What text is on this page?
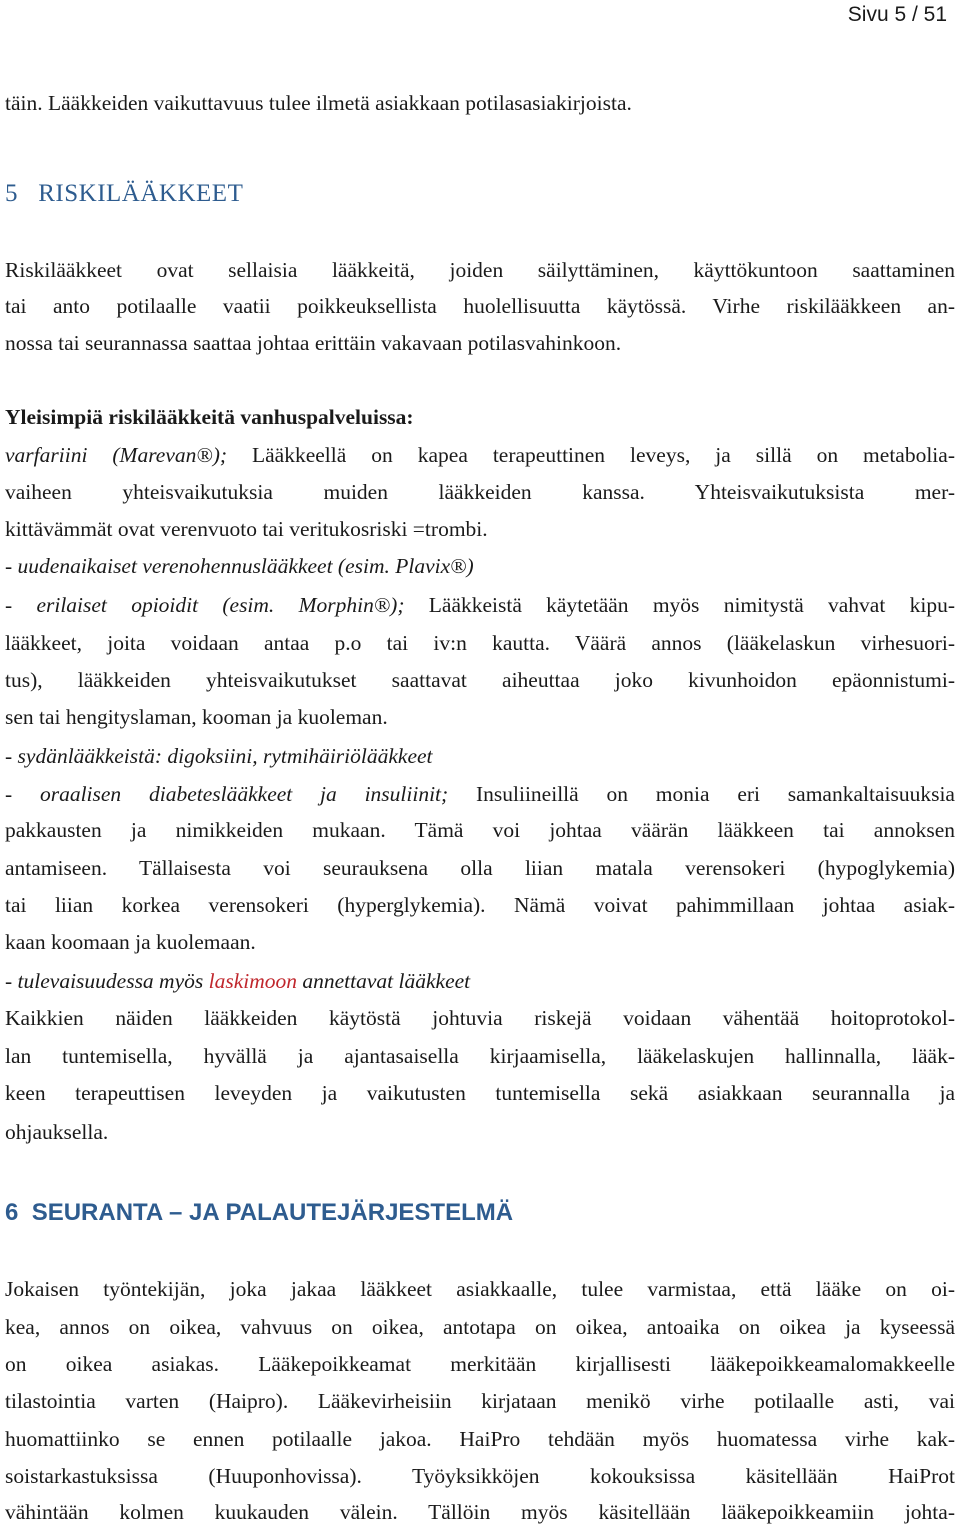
Sivu 5 / 51
täin. Lääkkeiden vaikuttavuus tulee ilmetä asiakkaan potilasasiakirjoista.
5 RISKILÄÄKKEET
Riskilääkkeet ovat sellaisia lääkkeitä, joiden säilyttäminen, käyttökuntoon saattaminen
tai anto potilaalle vaatii poikkeuksellista huolellisuutta käytössä. Virhe riskilääkkeen an-
nossa tai seurannassa saattaa johtaa erittäin vakavaan potilasvahinkoon.
Yleisimpiä riskilääkkeitä vanhuspalveluissa:
varfariini (Marevan®); Lääkkeellä on kapea terapeuttinen leveys, ja sillä on metabolia-
vaiheen yhteisvaikutuksia muiden lääkkeiden kanssa. Yhteisvaikutuksista mer-
kittävämmät ovat verenvuoto tai veritukosriski =trombi.
- uudenaikaiset verenohennuslääkkeet (esim. Plavix®)
- erilaiset opioidit (esim. Morphin®); Lääkkeistä käytetään myös nimitystä vahvat kipu-
lääkkeet, joita voidaan antaa p.o tai iv:n kautta. Väärä annos (lääkelaskun virhesuori-
tus), lääkkeiden yhteisvaikutukset saattavat aiheuttaa joko kivunhoidon epäonnistumi-
sen tai hengityslaman, kooman ja kuoleman.
- sydänlääkkeistä: digoksiini, rytmihäiriölääkkeet
- oraalisen diabeteslääkkeet ja insuliinit; Insuliineillä on monia eri samankaltaisuuksia
pakkausten ja nimikkeiden mukaan. Tämä voi johtaa väärän lääkkeen tai annoksen
antamiseen. Tällaisesta voi seurauksena olla liian matala verensokeri (hypoglykemia)
tai liian korkea verensokeri (hyperglykemia). Nämä voivat pahimmillaan johtaa asiak-
kaan koomaan ja kuolemaan.
- tulevaisuudessa myös laskimoon annettavat lääkkeet
Kaikkien näiden lääkkeiden käytöstä johtuvia riskejä voidaan vähentää hoitoprotokol-
lan tuntemisella, hyvällä ja ajantasaisella kirjaamisella, lääkelaskujen hallinnalla, lääk-
keen terapeuttisen leveyden ja vaikutusten tuntemisella sekä asiakkaan seurannalla ja
ohjauksella.
6 SEURANTA – JA PALAUTEJÄRJESTELMÄ
Jokaisen työntekijän, joka jakaa lääkkeet asiakkaalle, tulee varmistaa, että lääke on oi-
kea, annos on oikea, vahvuus on oikea, antotapa on oikea, antoaika on oikea ja kyseessä
on oikea asiakas. Lääkepoikkeamat merkitään kirjallisesti lääkepoikkeamalomakkeelle
tilastointia varten (Haipro). Lääkevirheisiin kirjataan menikö virhe potilaalle asti, vai
huomattiinko se ennen potilaalle jakoa. HaiPro tehdään myös huomatessa virhe kak-
soistarkastuksissa (Huuponhovissa). Työyksikköjen kokouksissa käsitellään HaiProt
vähintään kolmen kuukauden välein. Tällöin myös käsitellään lääkepoikkeamiin johta-
